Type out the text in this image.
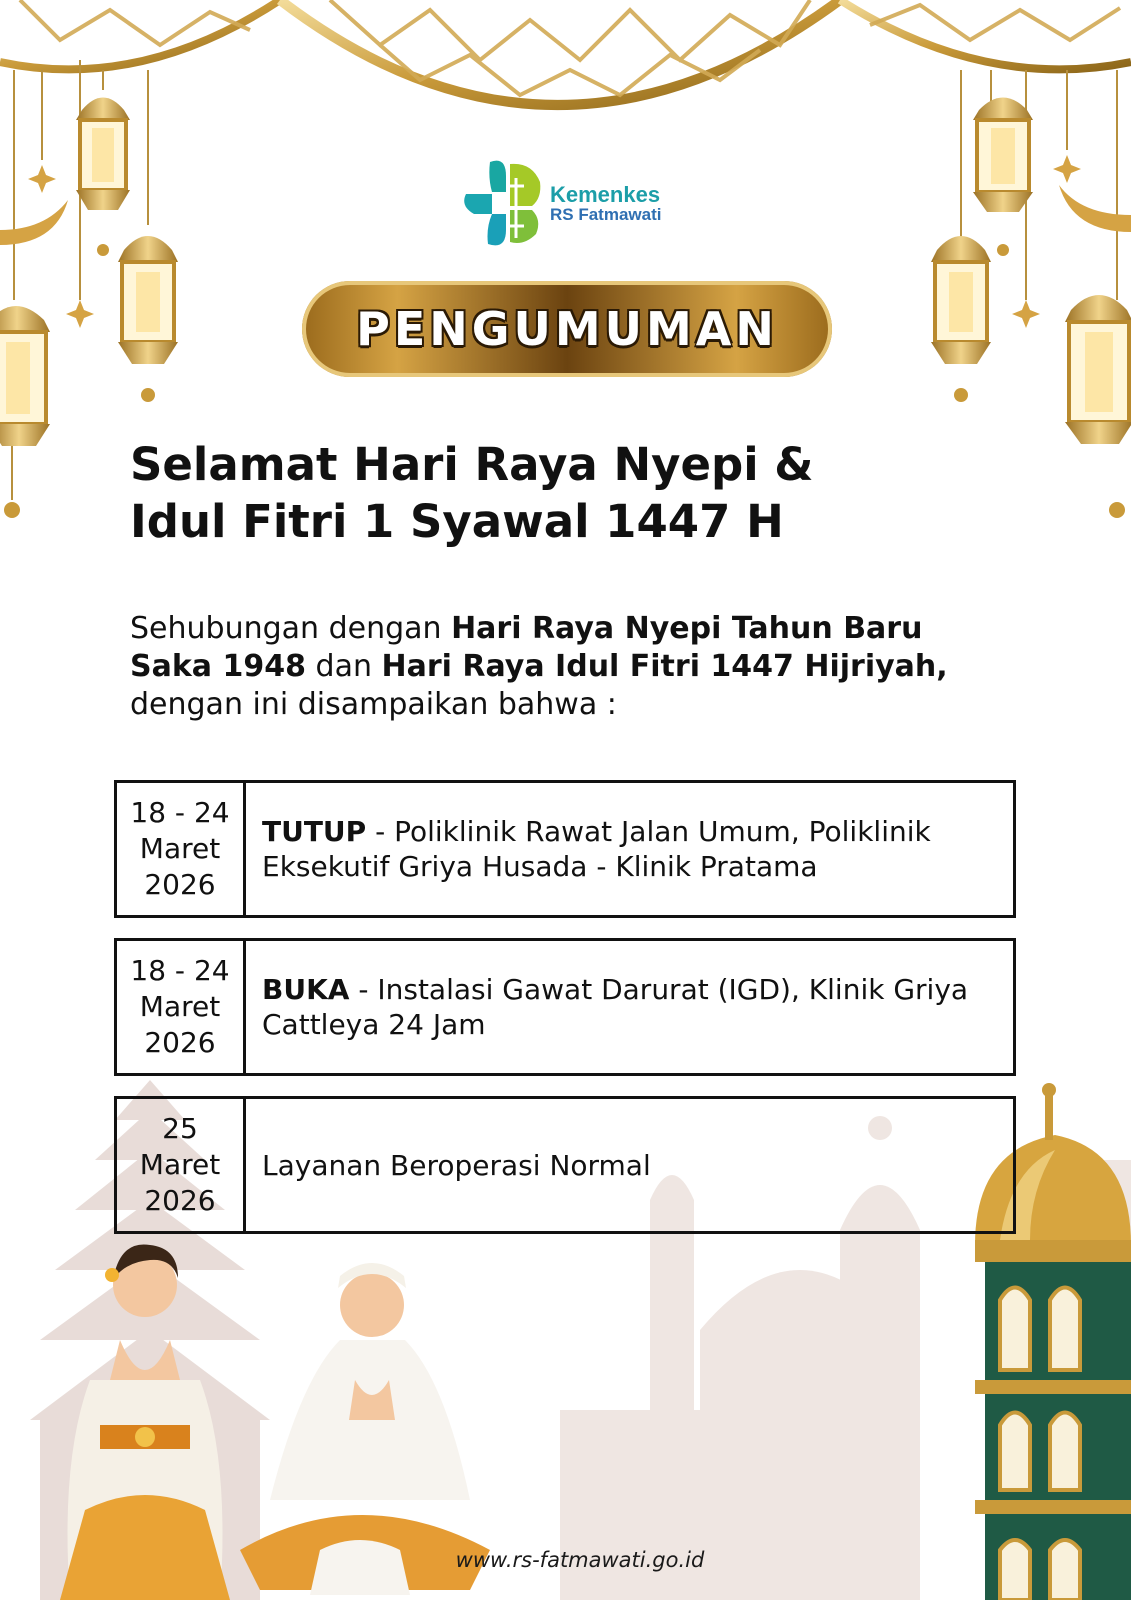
Kemenkes
RS Fatmawati
PENGUMUMAN
Selamat Hari Raya Nyepi &
Idul Fitri 1 Syawal 1447 H
Sehubungan dengan Hari Raya Nyepi Tahun Baru Saka 1948 dan Hari Raya Idul Fitri 1447 Hijriyah, dengan ini disampaikan bahwa :
18 - 24
Maret
2026
TUTUP - Poliklinik Rawat Jalan Umum, Poliklinik Eksekutif Griya Husada - Klinik Pratama
18 - 24
Maret
2026
BUKA - Instalasi Gawat Darurat (IGD), Klinik Griya Cattleya 24 Jam
25
Maret
2026
Layanan Beroperasi Normal
www.rs-fatmawati.go.id
